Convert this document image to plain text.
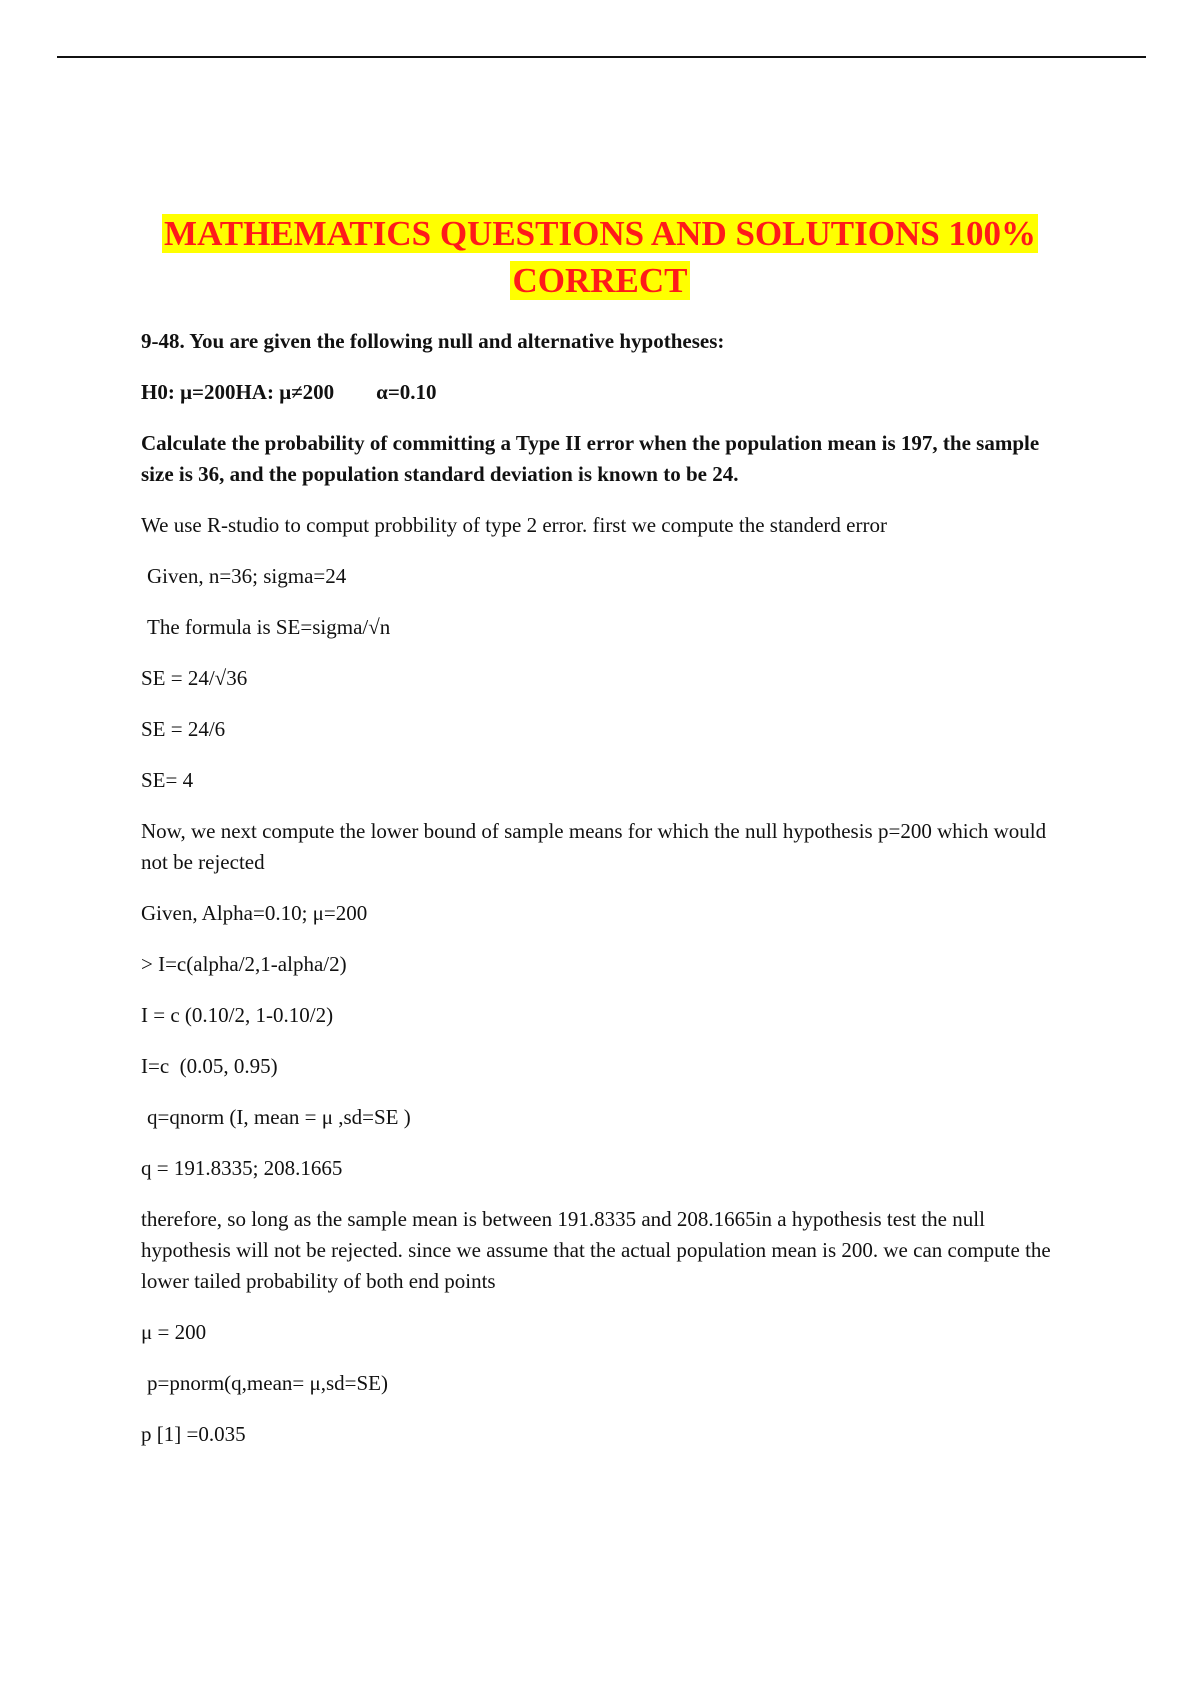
MATHEMATICS QUESTIONS AND SOLUTIONS 100%
CORRECT

9-48. You are given the following null and alternative hypotheses:

H0: μ=200HA: μ≠200        α=0.10

Calculate the probability of committing a Type II error when the population mean is 197, the sample size is 36, and the population standard deviation is known to be 24.

We use R-studio to comput probbility of type 2 error. first we compute the standerd error

Given, n=36; sigma=24

The formula is SE=sigma/√n

SE = 24/√36

SE = 24/6

SE= 4

Now, we next compute the lower bound of sample means for which the null hypothesis p=200 which would not be rejected

Given, Alpha=0.10; μ=200

> I=c(alpha/2,1-alpha/2)

I = c (0.10/2, 1-0.10/2)

I=c  (0.05, 0.95)

q=qnorm (I, mean = μ ,sd=SE )

q = 191.8335; 208.1665

therefore, so long as the sample mean is between 191.8335 and 208.1665in a hypothesis test the null hypothesis will not be rejected. since we assume that the actual population mean is 200. we can compute the lower tailed probability of both end points

μ = 200

p=pnorm(q,mean= μ,sd=SE)

p [1] =0.035
